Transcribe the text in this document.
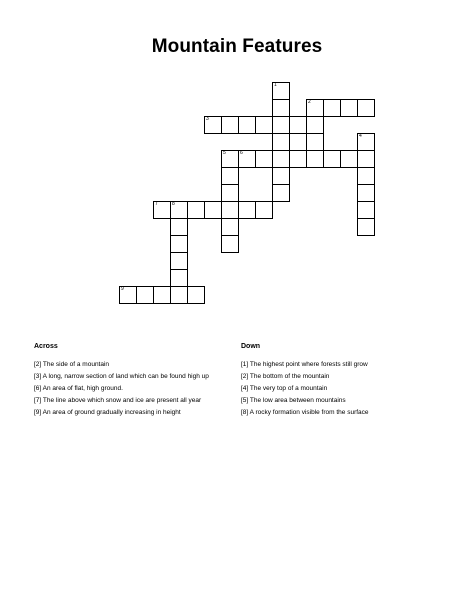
Mountain Features
1
2
3
4
5	6
7	8
9
Across
[2] The side of a mountain
[3] A long, narrow section of land which can be found high up
[6] An area of flat, high ground.
[7] The line above which snow and ice are present all year
[9] An area of ground gradually increasing in height
Down
[1] The highest point where forests still grow
[2] The bottom of the mountain
[4] The very top of a mountain
[5] The low area between mountains
[8] A rocky formation visible from the surface
